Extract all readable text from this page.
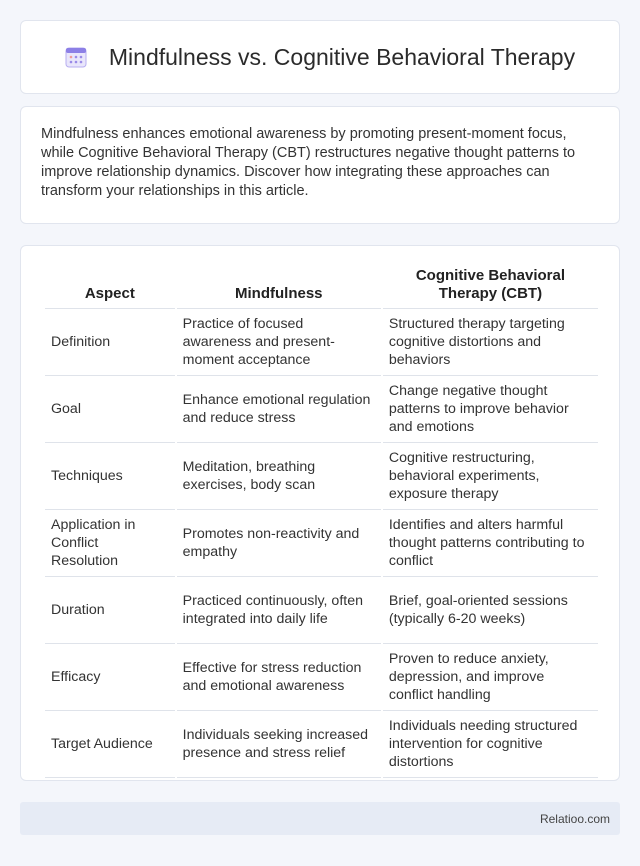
Mindfulness vs. Cognitive Behavioral Therapy

Mindfulness enhances emotional awareness by promoting present-moment focus, while Cognitive Behavioral Therapy (CBT) restructures negative thought patterns to improve relationship dynamics. Discover how integrating these approaches can transform your relationships in this article.

Aspect	Mindfulness	Cognitive Behavioral Therapy (CBT)
Definition	Practice of focused awareness and present-moment acceptance	Structured therapy targeting cognitive distortions and behaviors
Goal	Enhance emotional regulation and reduce stress	Change negative thought patterns to improve behavior and emotions
Techniques	Meditation, breathing exercises, body scan	Cognitive restructuring, behavioral experiments, exposure therapy
Application in Conflict Resolution	Promotes non-reactivity and empathy	Identifies and alters harmful thought patterns contributing to conflict
Duration	Practiced continuously, often integrated into daily life	Brief, goal-oriented sessions (typically 6-20 weeks)
Efficacy	Effective for stress reduction and emotional awareness	Proven to reduce anxiety, depression, and improve conflict handling
Target Audience	Individuals seeking increased presence and stress relief	Individuals needing structured intervention for cognitive distortions
Relatioo.com
